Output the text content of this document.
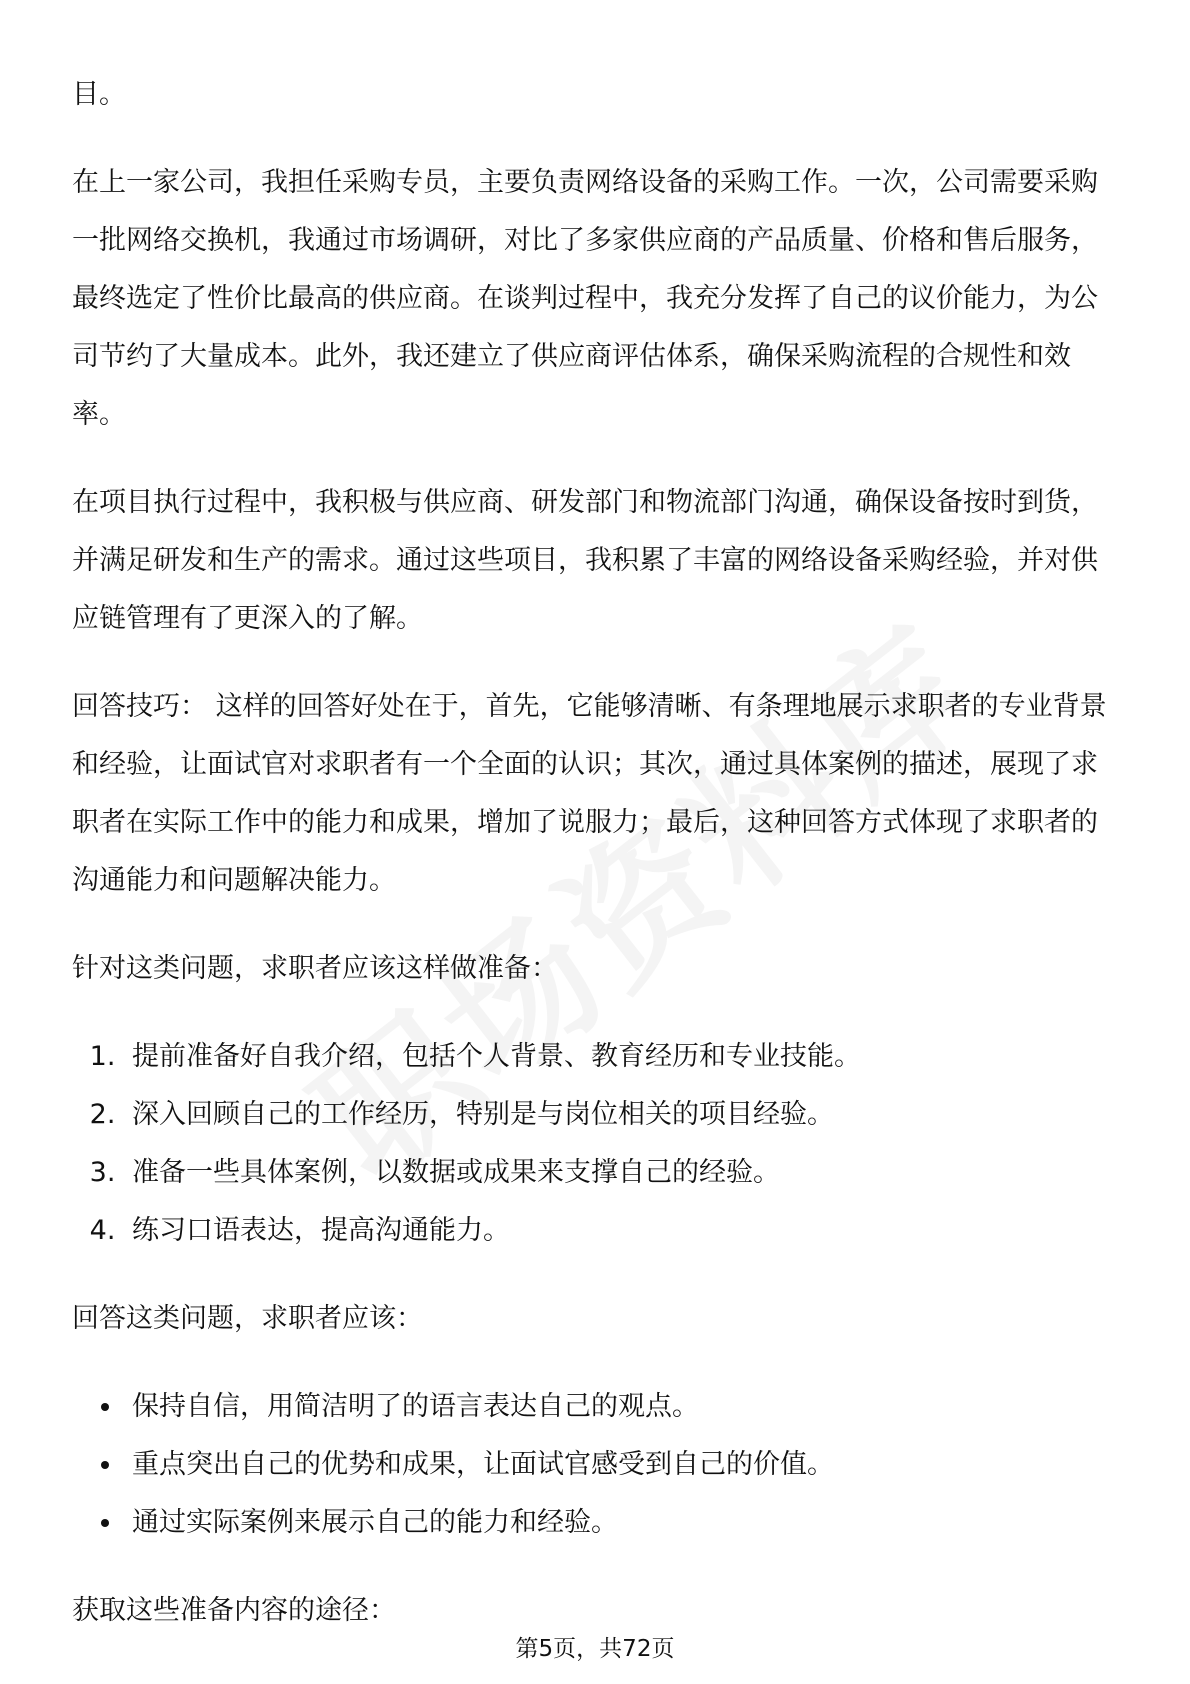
目。

在上一家公司，我担任采购专员，主要负责网络设备的采购工作。一次，公司需要采购一批网络交换机，我通过市场调研，对比了多家供应商的产品质量、价格和售后服务，最终选定了性价比最高的供应商。在谈判过程中，我充分发挥了自己的议价能力，为公司节约了大量成本。此外，我还建立了供应商评估体系，确保采购流程的合规性和效率。

在项目执行过程中，我积极与供应商、研发部门和物流部门沟通，确保设备按时到货，并满足研发和生产的需求。通过这些项目，我积累了丰富的网络设备采购经验，并对供应链管理有了更深入的了解。

回答技巧： 这样的回答好处在于，首先，它能够清晰、有条理地展示求职者的专业背景和经验，让面试官对求职者有一个全面的认识；其次，通过具体案例的描述，展现了求职者在实际工作中的能力和成果，增加了说服力；最后，这种回答方式体现了求职者的沟通能力和问题解决能力。

针对这类问题，求职者应该这样做准备：

1. 提前准备好自我介绍，包括个人背景、教育经历和专业技能。
2. 深入回顾自己的工作经历，特别是与岗位相关的项目经验。
3. 准备一些具体案例，以数据或成果来支撑自己的经验。
4. 练习口语表达，提高沟通能力。

回答这类问题，求职者应该：

• 保持自信，用简洁明了的语言表达自己的观点。
• 重点突出自己的优势和成果，让面试官感受到自己的价值。
• 通过实际案例来展示自己的能力和经验。

获取这些准备内容的途径：

第5页，共72页
